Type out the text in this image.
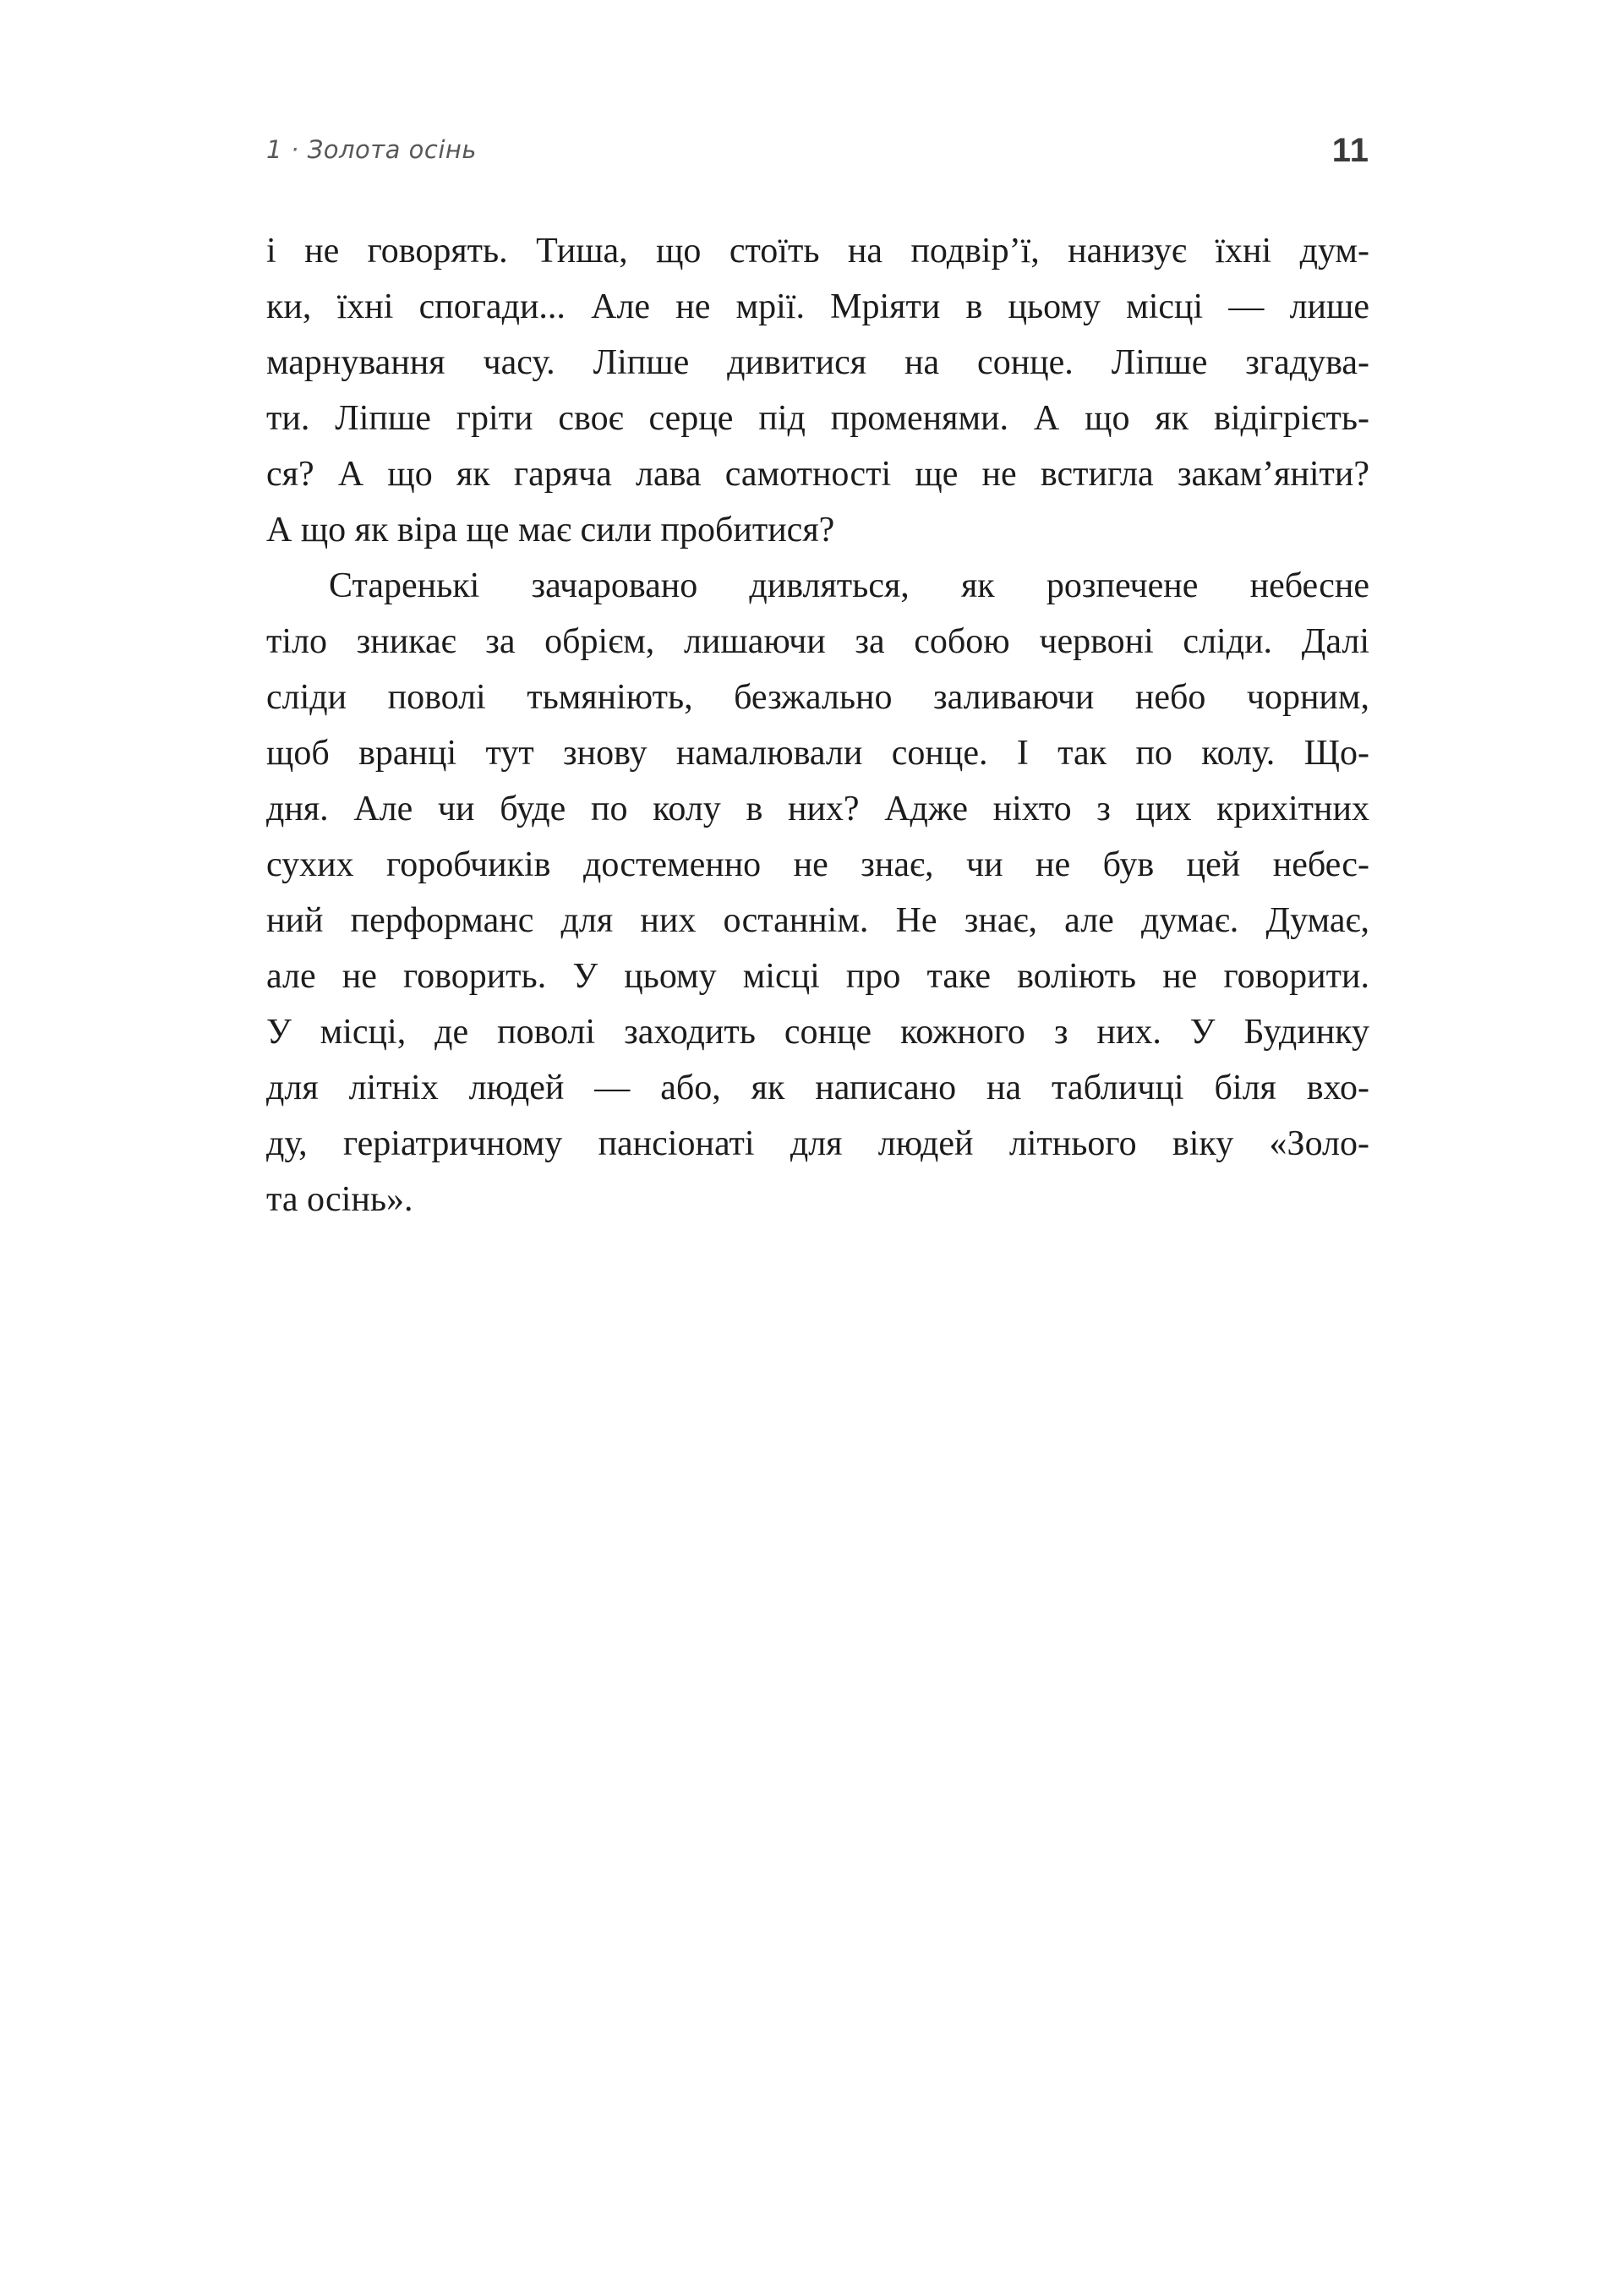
1 · Золота осінь	11
і не говорять. Тиша, що стоїть на подвір’ї, нанизує їхні дум-
ки, їхні спогади... Але не мрії. Мріяти в цьому місці — лише
марнування часу. Ліпше дивитися на сонце. Ліпше згадува-
ти. Ліпше гріти своє серце під променями. А що як відігрієть-
ся? А що як гаряча лава самотності ще не встигла закам’яніти?
А що як віра ще має сили пробитися?
Старенькі зачаровано дивляться, як розпечене небесне
тіло зникає за обрієм, лишаючи за собою червоні сліди. Далі
сліди поволі тьмяніють, безжально заливаючи небо чорним,
щоб вранці тут знову намалювали сонце. І так по колу. Що-
дня. Але чи буде по колу в них? Адже ніхто з цих крихітних
сухих горобчиків достеменно не знає, чи не був цей небес-
ний перформанс для них останнім. Не знає, але думає. Думає,
але не говорить. У цьому місці про таке воліють не говорити.
У місці, де поволі заходить сонце кожного з них. У Будинку
для літніх людей — або, як написано на табличці біля вхо-
ду, геріатричному пансіонаті для людей літнього віку «Золо-
та осінь».
